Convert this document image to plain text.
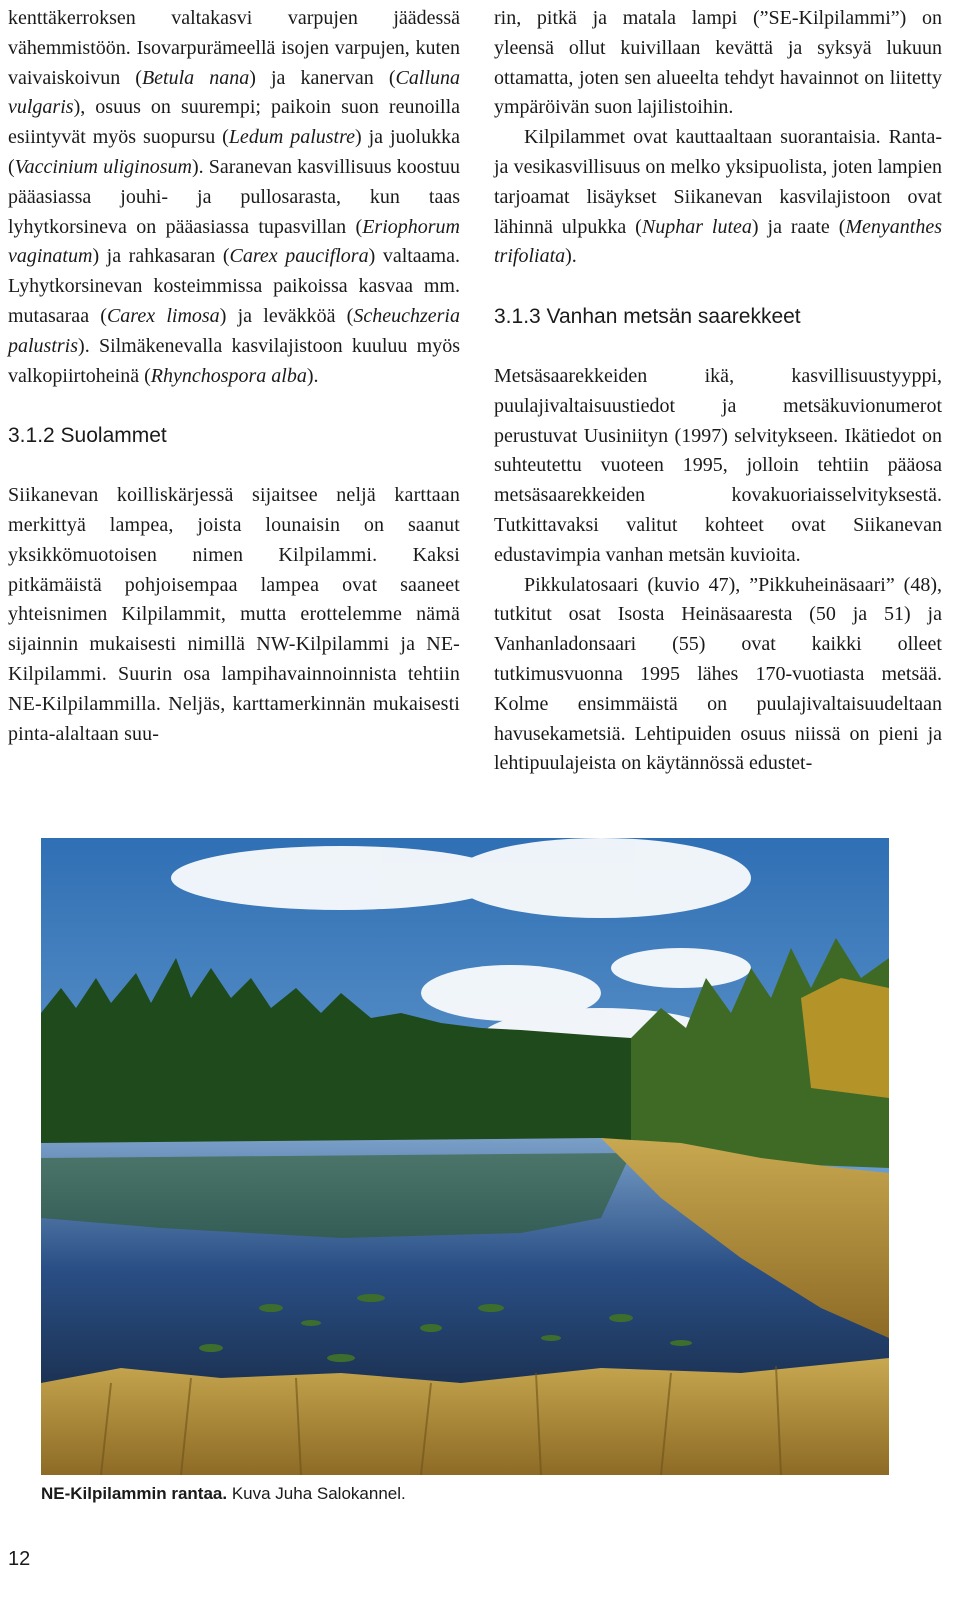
kenttäkerroksen valtakasvi varpujen jäädessä vähemmistöön. Isovarpurämeellä isojen varpujen, kuten vaivaiskoivun (Betula nana) ja kanervan (Calluna vulgaris), osuus on suurempi; paikoin suon reunoilla esiintyvät myös suopursu (Ledum palustre) ja juolukka (Vaccinium uliginosum). Saranevan kasvillisuus koostuu pääasiassa jouhi- ja pullosarasta, kun taas lyhytkorsineva on pääasiassa tupasvillan (Eriophorum vaginatum) ja rahkasaran (Carex pauciflora) valtaama. Lyhytkorsinevan kosteimmissa paikoissa kasvaa mm. mutasaraa (Carex limosa) ja leväkköä (Scheuchzeria palustris). Silmäkenevalla kasvilajistoon kuuluu myös valkopiirtoheinä (Rhynchospora alba).

3.1.2 Suolammet

Siikanevan koilliskärjessä sijaitsee neljä karttaan merkittyä lampea, joista lounaisin on saanut yksikkömuotoisen nimen Kilpilammi. Kaksi pitkämäistä pohjoisempaa lampea ovat saaneet yhteisnimen Kilpilammit, mutta erottelemme nämä sijainnin mukaisesti nimillä NW-Kilpilammi ja NE-Kilpilammi. Suurin osa lampihavainnoinnista tehtiin NE-Kilpilammilla. Neljäs, karttamerkinnän mukaisesti pinta-alaltaan suu-

rin, pitkä ja matala lampi (”SE-Kilpilammi”) on yleensä ollut kuivillaan kevättä ja syksyä lukuun ottamatta, joten sen alueelta tehdyt havainnot on liitetty ympäröivän suon lajilistoihin.

Kilpilammet ovat kauttaaltaan suorantaisia. Ranta- ja vesikasvillisuus on melko yksipuolista, joten lampien tarjoamat lisäykset Siikanevan kasvilajistoon ovat lähinnä ulpukka (Nuphar lutea) ja raate (Menyanthes trifoliata).

3.1.3 Vanhan metsän saarekkeet

Metsäsaarekkeiden ikä, kasvillisuustyyppi, puulajivaltaisuustiedot ja metsäkuvionumerot perustuvat Uusiniityn (1997) selvitykseen. Ikätiedot on suhteutettu vuoteen 1995, jolloin tehtiin pääosa metsäsaarekkeiden kovakuoriaisselvityksestä. Tutkittavaksi valitut kohteet ovat Siikanevan edustavimpia vanhan metsän kuvioita.

Pikkulatosaari (kuvio 47), ”Pikkuheinäsaari” (48), tutkitut osat Isosta Heinäsaaresta (50 ja 51) ja Vanhanladonsaari (55) ovat kaikki olleet tutkimusvuonna 1995 lähes 170-vuotiasta metsää. Kolme ensimmäistä on puulajivaltaisuudeltaan havusekametsiä. Lehtipuiden osuus niissä on pieni ja lehtipuulajeista on käytännössä edustet-

NE-Kilpilammin rantaa. Kuva Juha Salokannel.
12
